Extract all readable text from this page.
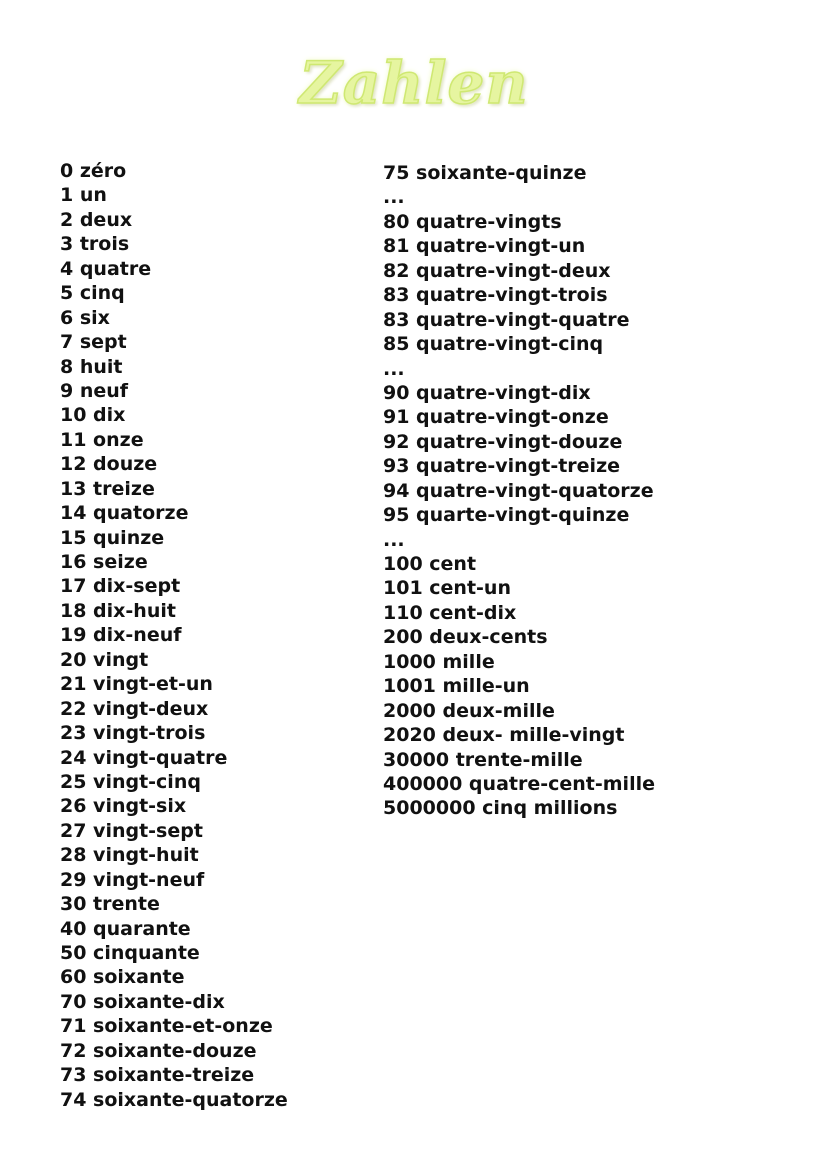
Zahlen
0 zéro
1 un
2 deux
3 trois
4 quatre
5 cinq
6 six
7 sept
8 huit
9 neuf
10 dix
11 onze
12 douze
13 treize
14 quatorze
15 quinze
16 seize
17 dix-sept
18 dix-huit
19 dix-neuf
20 vingt
21 vingt-et-un
22 vingt-deux
23 vingt-trois
24 vingt-quatre
25 vingt-cinq
26 vingt-six
27 vingt-sept
28 vingt-huit
29 vingt-neuf
30 trente
40 quarante
50 cinquante
60 soixante
70 soixante-dix
71 soixante-et-onze
72 soixante-douze
73 soixante-treize
74 soixante-quatorze
75 soixante-quinze
...
80 quatre-vingts
81 quatre-vingt-un
82 quatre-vingt-deux
83 quatre-vingt-trois
83 quatre-vingt-quatre
85 quatre-vingt-cinq
...
90 quatre-vingt-dix
91 quatre-vingt-onze
92 quatre-vingt-douze
93 quatre-vingt-treize
94 quatre-vingt-quatorze
95 quarte-vingt-quinze
...
100 cent
101 cent-un
110 cent-dix
200 deux-cents
1000 mille
1001 mille-un
2000 deux-mille
2020 deux- mille-vingt
30000 trente-mille
400000 quatre-cent-mille
5000000 cinq millions
